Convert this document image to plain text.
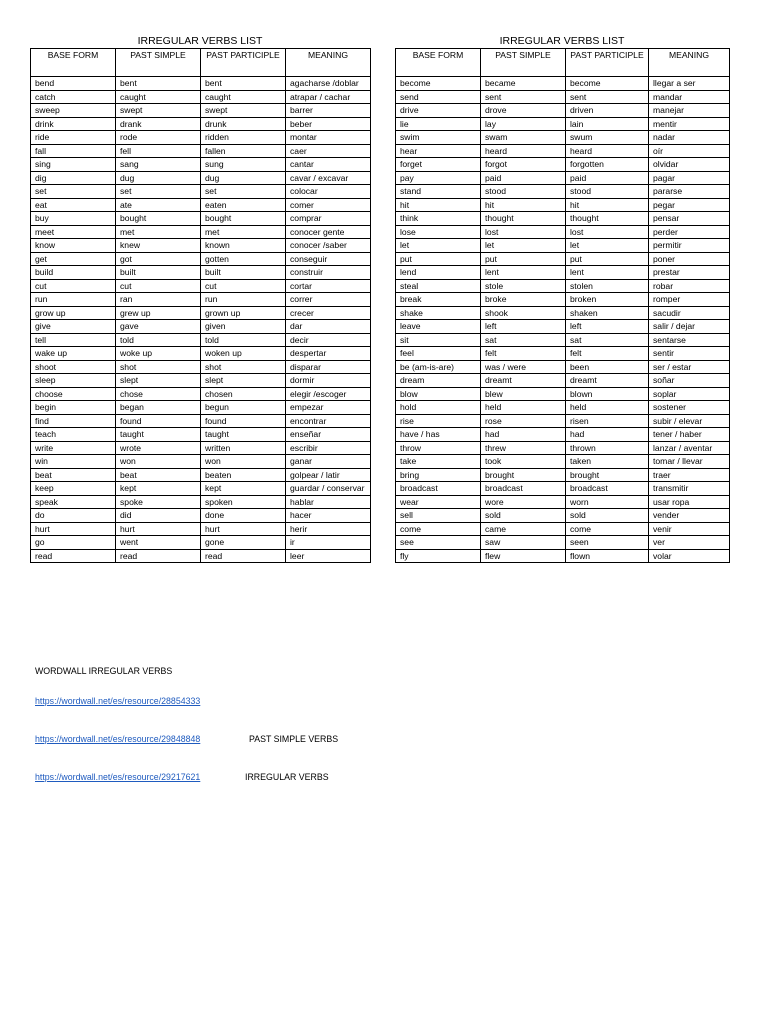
IRREGULAR VERBS LIST
BASE FORM	PAST SIMPLE	PAST PARTICIPLE	MEANING
bend	bent	bent	agacharse /doblar
catch	caught	caught	atrapar / cachar
sweep	swept	swept	barrer
drink	drank	drunk	beber
ride	rode	ridden	montar
fall	fell	fallen	caer
sing	sang	sung	cantar
dig	dug	dug	cavar / excavar
set	set	set	colocar
eat	ate	eaten	comer
buy	bought	bought	comprar
meet	met	met	conocer gente
know	knew	known	conocer /saber
get	got	gotten	conseguir
build	built	built	construir
cut	cut	cut	cortar
run	ran	run	correr
grow up	grew up	grown up	crecer
give	gave	given	dar
tell	told	told	decir
wake up	woke up	woken up	despertar
shoot	shot	shot	disparar
sleep	slept	slept	dormir
choose	chose	chosen	elegir /escoger
begin	began	begun	empezar
find	found	found	encontrar
teach	taught	taught	enseñar
write	wrote	written	escribir
win	won	won	ganar
beat	beat	beaten	golpear / latir
keep	kept	kept	guardar / conservar
speak	spoke	spoken	hablar
do	did	done	hacer
hurt	hurt	hurt	herir
go	went	gone	ir
read	read	read	leer
IRREGULAR VERBS LIST
BASE FORM	PAST SIMPLE	PAST PARTICIPLE	MEANING
become	became	become	llegar a ser
send	sent	sent	mandar
drive	drove	driven	manejar
lie	lay	lain	mentir
swim	swam	swum	nadar
hear	heard	heard	oír
forget	forgot	forgotten	olvidar
pay	paid	paid	pagar
stand	stood	stood	pararse
hit	hit	hit	pegar
think	thought	thought	pensar
lose	lost	lost	perder
let	let	let	permitir
put	put	put	poner
lend	lent	lent	prestar
steal	stole	stolen	robar
break	broke	broken	romper
shake	shook	shaken	sacudir
leave	left	left	salir / dejar
sit	sat	sat	sentarse
feel	felt	felt	sentir
be (am-is-are)	was / were	been	ser / estar
dream	dreamt	dreamt	soñar
blow	blew	blown	soplar
hold	held	held	sostener
rise	rose	risen	subir / elevar
have / has	had	had	tener / haber
throw	threw	thrown	lanzar / aventar
take	took	taken	tomar / llevar
bring	brought	brought	traer
broadcast	broadcast	broadcast	transmitir
wear	wore	worn	usar ropa
sell	sold	sold	vender
come	came	come	venir
see	saw	seen	ver
fly	flew	flown	volar
WORDWALL IRREGULAR VERBS
https://wordwall.net/es/resource/28854333
https://wordwall.net/es/resource/29848848	PAST SIMPLE VERBS
https://wordwall.net/es/resource/29217621	IRREGULAR VERBS
